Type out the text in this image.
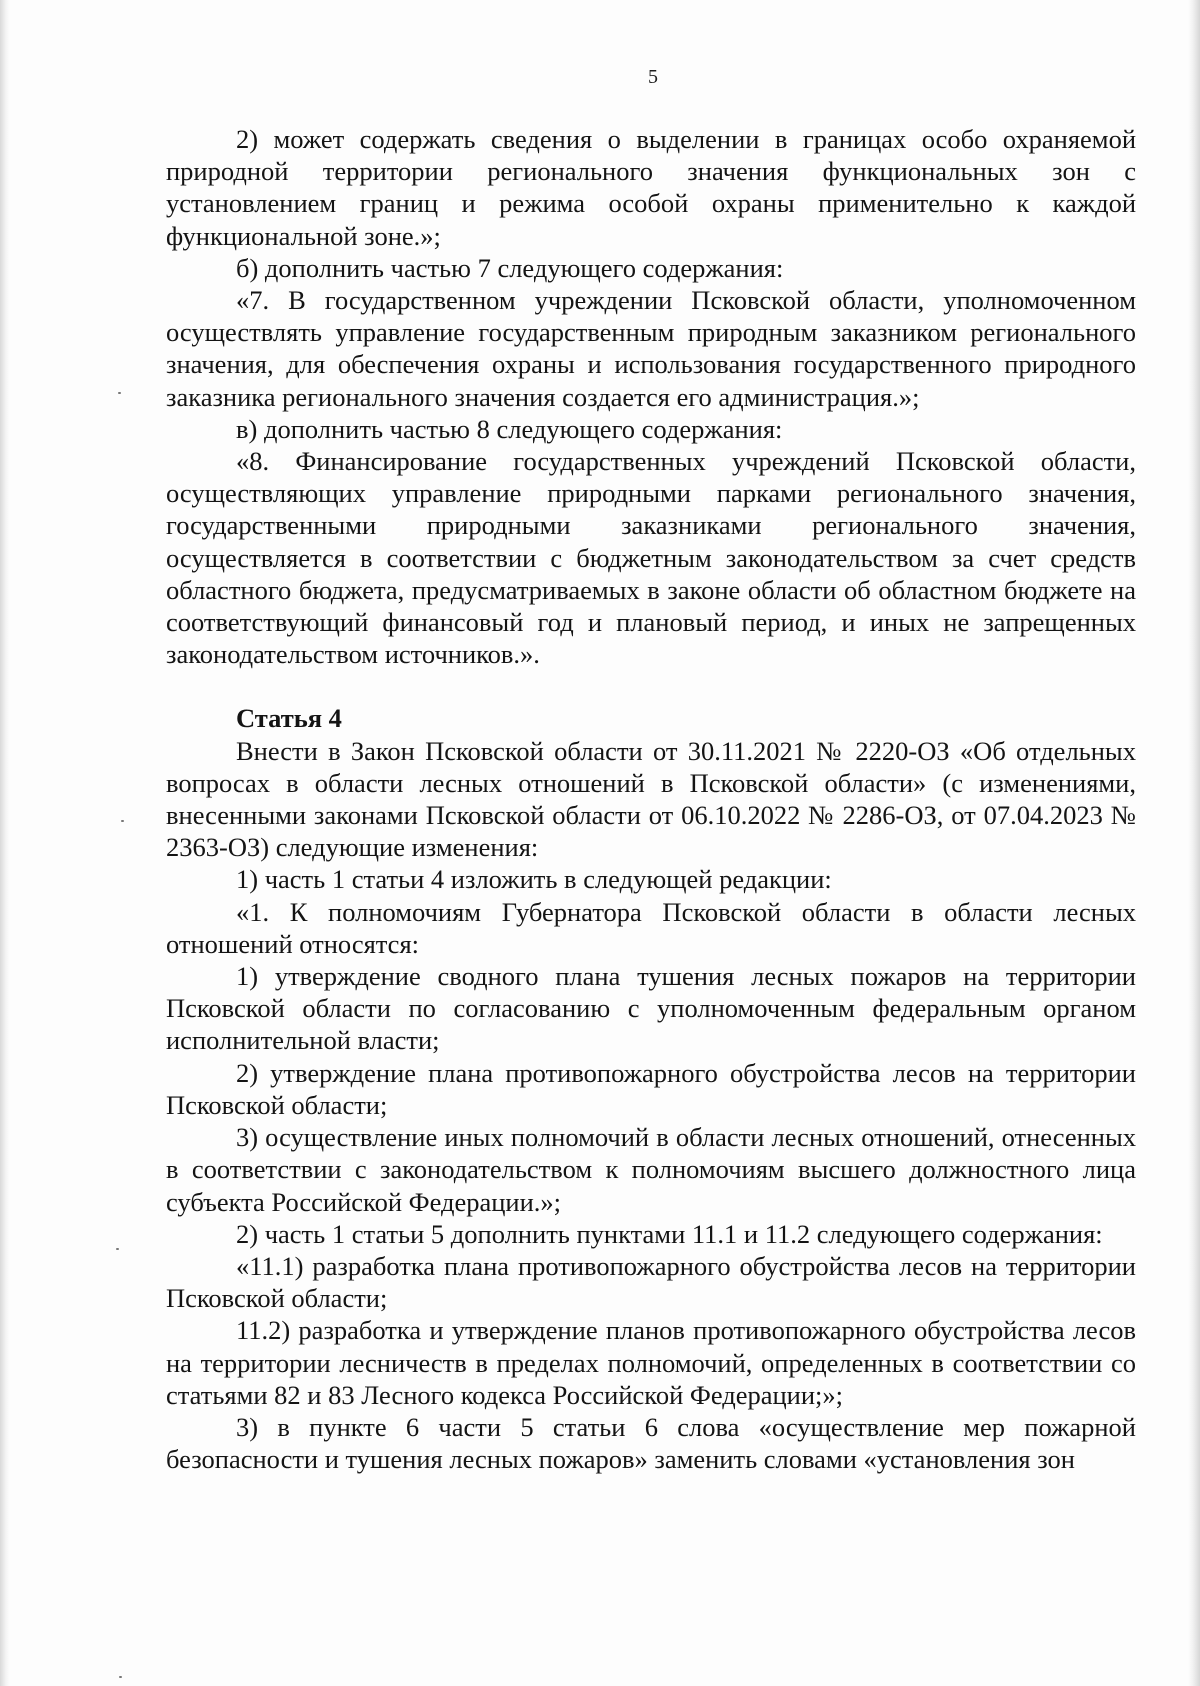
5

2) может содержать сведения о выделении в границах особо охраняемой природной территории регионального значения функциональных зон с установлением границ и режима особой охраны применительно к каждой функциональной зоне.»;

б) дополнить частью 7 следующего содержания:

«7. В государственном учреждении Псковской области, уполномоченном осуществлять управление государственным природным заказником регионального значения, для обеспечения охраны и использования государственного природного заказника регионального значения создается его администрация.»;

в) дополнить частью 8 следующего содержания:

«8. Финансирование государственных учреждений Псковской области, осуществляющих управление природными парками регионального значения, государственными природными заказниками регионального значения, осуществляется в соответствии с бюджетным законодательством за счет средств областного бюджета, предусматриваемых в законе области об областном бюджете на соответствующий финансовый год и плановый период, и иных не запрещенных законодательством источников.».

Статья 4

Внести в Закон Псковской области от 30.11.2021 № 2220-ОЗ «Об отдельных вопросах в области лесных отношений в Псковской области» (с изменениями, внесенными законами Псковской области от 06.10.2022 № 2286-ОЗ, от 07.04.2023 № 2363-ОЗ) следующие изменения:

1) часть 1 статьи 4 изложить в следующей редакции:

«1. К полномочиям Губернатора Псковской области в области лесных отношений относятся:

1) утверждение сводного плана тушения лесных пожаров на территории Псковской области по согласованию с уполномоченным федеральным органом исполнительной власти;

2) утверждение плана противопожарного обустройства лесов на территории Псковской области;

3) осуществление иных полномочий в области лесных отношений, отнесенных в соответствии с законодательством к полномочиям высшего должностного лица субъекта Российской Федерации.»;

2) часть 1 статьи 5 дополнить пунктами 11.1 и 11.2 следующего содержания:

«11.1) разработка плана противопожарного обустройства лесов на территории Псковской области;

11.2) разработка и утверждение планов противопожарного обустройства лесов на территории лесничеств в пределах полномочий, определенных в соответствии со статьями 82 и 83 Лесного кодекса Российской Федерации;»;

3) в пункте 6 части 5 статьи 6 слова «осуществление мер пожарной безопасности и тушения лесных пожаров» заменить словами «установления зон
